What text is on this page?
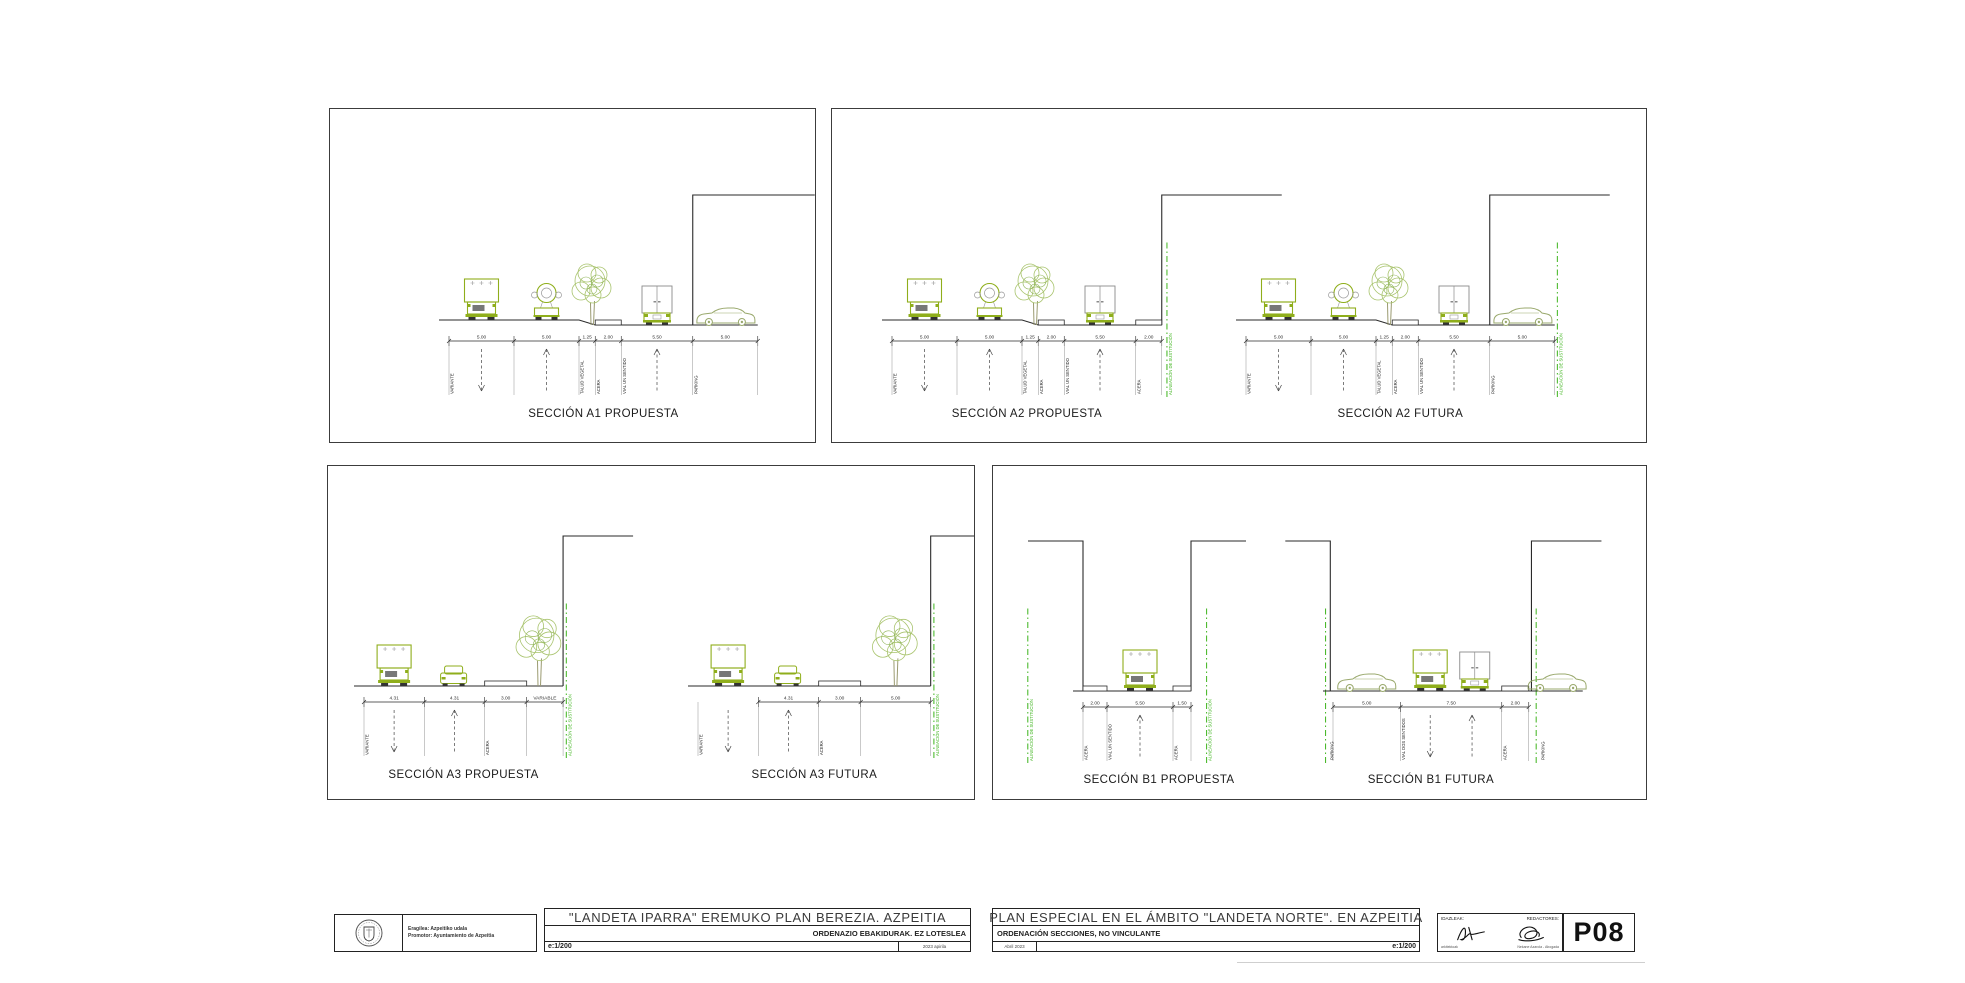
5.00	5.00	1.25 2.00	5.50	5.00
VARIANTE	TALUD VEGETAL	ACERA	VIAL UN SENTIDO	PARKING
SECCIÓN A1 PROPUESTA
ALINEACIÓN DE SUSTITUCIÓN
5.00	5.00	1.25 2.00	5.50	2.00
VARIANTE	TALUD VEGETAL	ACERA	VIAL UN SENTIDO	ACERA
SECCIÓN A2 PROPUESTA
ALINEACIÓN DE SUSTITUCIÓN
5.00	5.00	1.25 2.00	5.50	5.00
VARIANTE	TALUD VEGETAL	ACERA	VIAL UN SENTIDO	PARKING
SECCIÓN A2 FUTURA
ALINEACIÓN DE SUSTITUCIÓN
4.31	4.31	3.00	VARIABLE
VARIANTE	ACERA
SECCIÓN A3 PROPUESTA
ALINEACIÓN DE SUSTITUCIÓN
4.31	3.00	5.00
VARIANTE	ACERA
SECCIÓN A3 FUTURA
ALINEACIÓN DE SUSTITUCIÓN	ALINEACIÓN DE SUSTITUCIÓN
2.00	5.50	1.50
ACERA	VIAL UN SENTIDO	ACERA
SECCIÓN B1 PROPUESTA
5.00	7.50	2.00
VIAL DOS SENTIDOS	ACERA
PARKING	PARKING
SECCIÓN B1 FUTURA
Eragilea: Azpeitiko udala
Promotor: Ayuntamiento de Azpeitia
"LANDETA IPARRA" EREMUKO PLAN BEREZIA. AZPEITIA
ORDENAZIO EBAKIDURAK. EZ LOTESLEA
e:1/200	2023 apirila
PLAN ESPECIAL EN EL ÁMBITO "LANDETA NORTE". EN AZPEITIA
ORDENACIÓN SECCIONES, NO VINCULANTE
Abril 2023	e:1/200
IDAZLEAK:	REDACTORES:
arkitektoak	Nekane Azarola - Abogada P08
